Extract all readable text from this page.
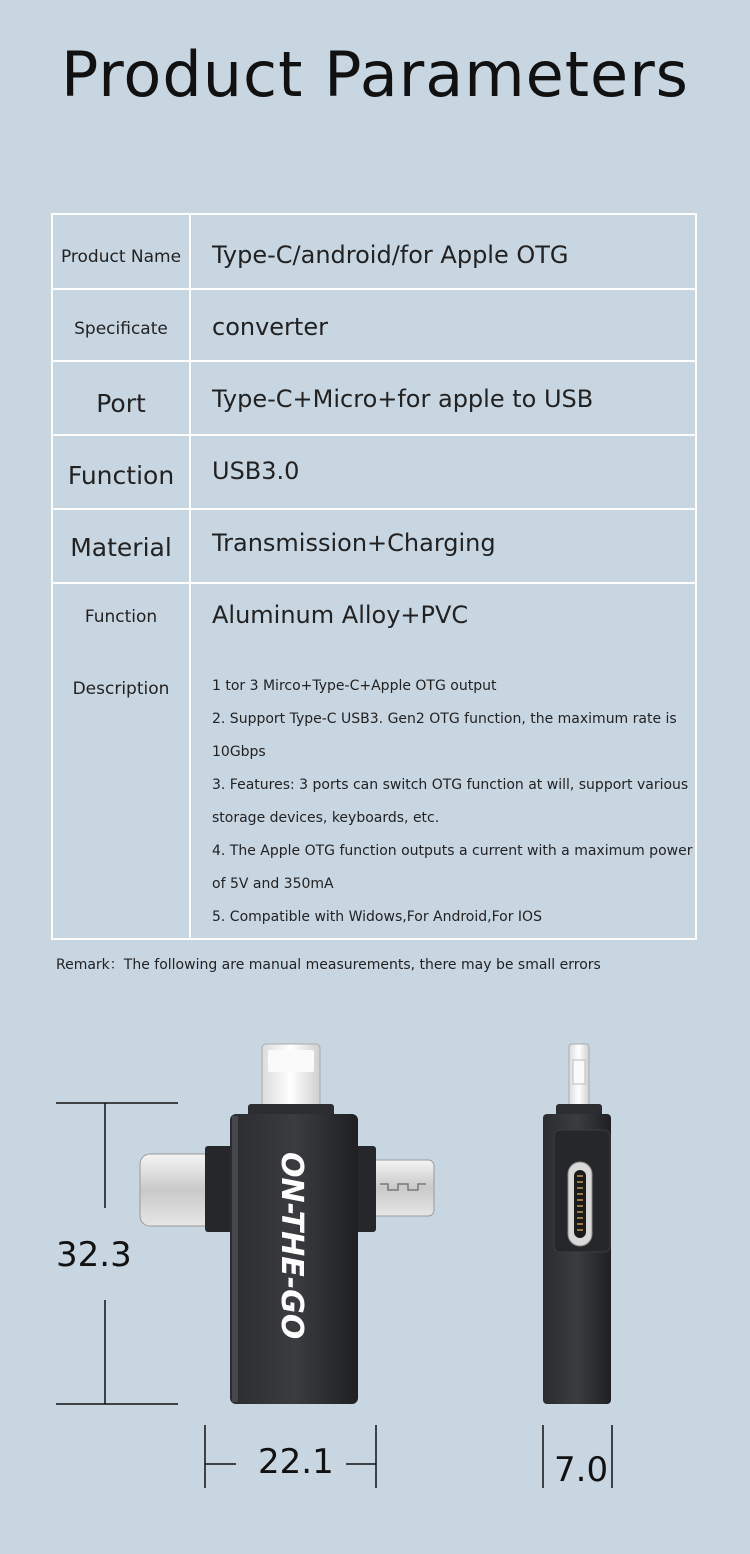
Product Parameters
Product Name	Type-C/android/for Apple OTG
Specificate	converter
Port	Type-C+Micro+for apple to USB
Function	USB3.0
Material	Transmission+Charging
Function	Aluminum Alloy+PVC
Description	1 tor 3 Mirco+Type-C+Apple OTG output
2. Support Type-C USB3. Gen2 OTG function, the maximum rate is
10Gbps
3. Features: 3 ports can switch OTG function at will, support various
storage devices, keyboards, etc.
4. The Apple OTG function outputs a current with a maximum power
of 5V and 350mA
5. Compatible with Widows,For Android,For IOS
Remark：The following are manual measurements, there may be small errors
ON-THE-GO
32.3
22.1	7.0
